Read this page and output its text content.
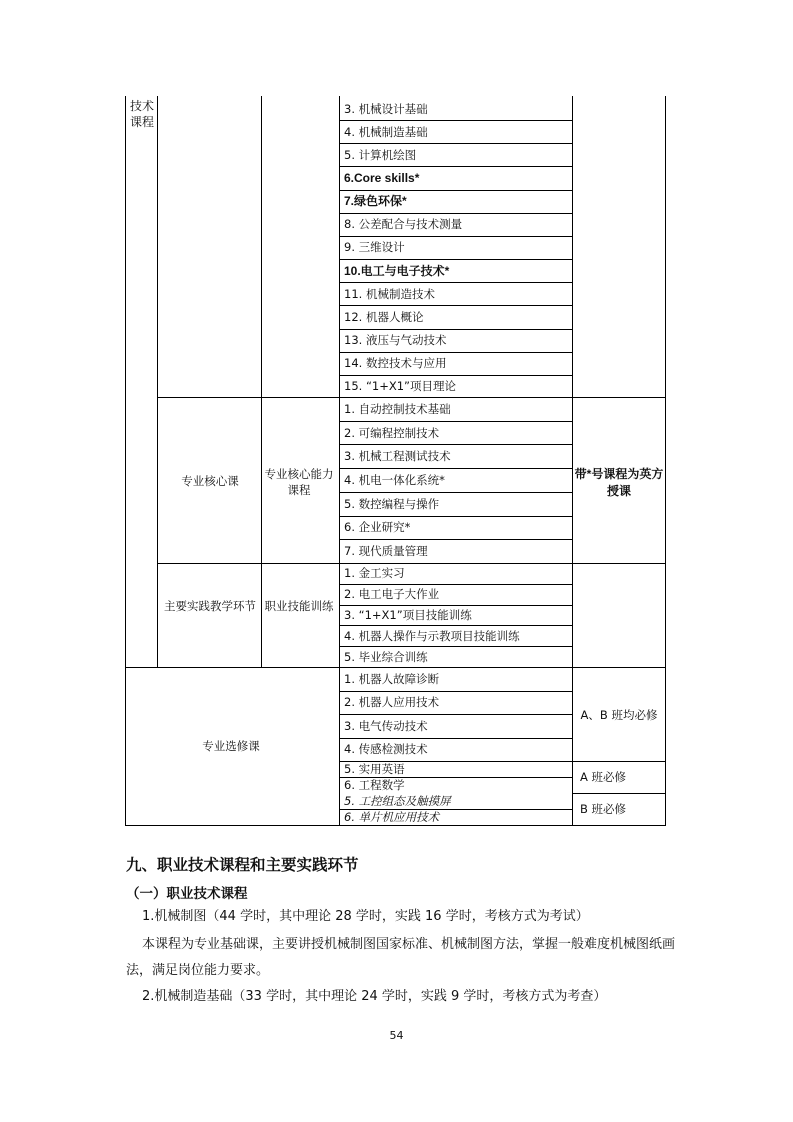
技术课程
3. 机械设计基础
4. 机械制造基础
5. 计算机绘图
6.Core skills*
7.绿色环保*
8. 公差配合与技术测量
9. 三维设计
10.电工与电子技术*
11. 机械制造技术
12. 机器人概论
13. 液压与气动技术
14. 数控技术与应用
15. “1+X1”项目理论
1. 自动控制技术基础
2. 可编程控制技术
3. 机械工程测试技术
4. 机电一体化系统*
5. 数控编程与操作
6. 企业研究*
7. 现代质量管理
1. 金工实习
2. 电工电子大作业
3. “1+X1”项目技能训练
4. 机器人操作与示教项目技能训练
5. 毕业综合训练
1. 机器人故障诊断
2. 机器人应用技术
3. 电气传动技术
4. 传感检测技术
5. 实用英语
6. 工程数学
5. 工控组态及触摸屏
6. 单片机应用技术
专业核心课	专业核心能力课程
带*号课程为英方授课
主要实践教学环节 职业技能训练
专业选修课
A、B 班均必修
A 班必修
B 班必修
九、职业技术课程和主要实践环节
（一）职业技术课程
1.机械制图（44 学时，其中理论 28 学时，实践 16 学时，考核方式为考试）
本课程为专业基础课，主要讲授机械制图国家标准、机械制图方法，掌握一般难度机械图纸画
法，满足岗位能力要求。
2.机械制造基础（33 学时，其中理论 24 学时，实践 9 学时，考核方式为考查）
54
